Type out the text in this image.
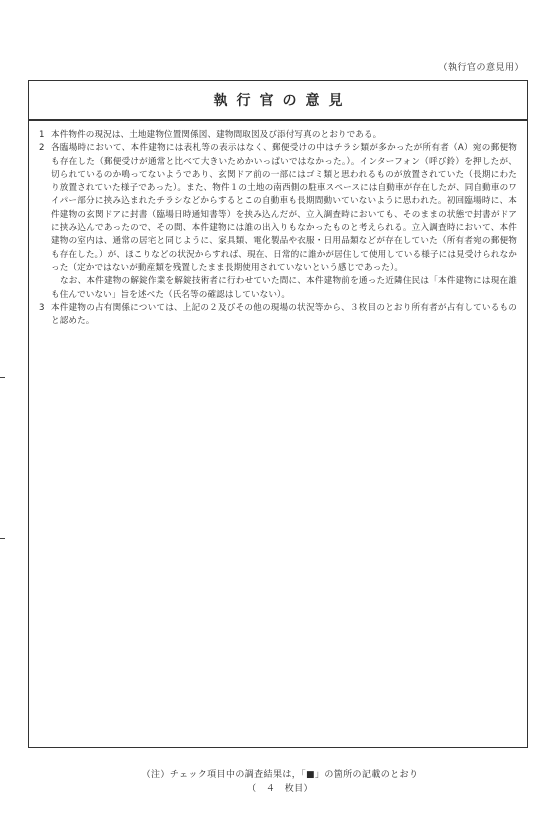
（執行官の意見用）
執行官の意見
1 本件物件の現況は、土地建物位置関係図、建物間取図及び添付写真のとおりである。
2 各臨場時において、本件建物には表札等の表示はなく、郵便受けの中はチラシ類が多かったが所有者（A）宛の郵便物も存在した（郵便受けが通常と比べて大きいためかいっぱいではなかった。）。インターフォン（呼び鈴）を押したが、切られているのか鳴ってないようであり、玄関ドア前の一部にはゴミ類と思われるものが放置されていた（長期にわたり放置されていた様子であった）。また、物件１の土地の南西側の駐車スペースには自動車が存在したが、同自動車のワイパー部分に挟み込まれたチラシなどからするとこの自動車も長期間動いていないように思われた。初回臨場時に、本件建物の玄関ドアに封書（臨場日時通知書等）を挟み込んだが、立入調査時においても、そのままの状態で封書がドアに挟み込んであったので、その間、本件建物には誰の出入りもなかったものと考えられる。立入調査時において、本件建物の室内は、通常の居宅と同じように、家具類、電化製品や衣服・日用品類などが存在していた（所有者宛の郵便物も存在した。）が、ほこりなどの状況からすれば、現在、日常的に誰かが居住して使用している様子には見受けられなかった（定かではないが動産類を残置したまま長期使用されていないという感じであった）。

なお、本件建物の解錠作業を解錠技術者に行わせていた間に、本件建物前を通った近隣住民は「本件建物には現在誰も住んでいない」旨を述べた（氏名等の確認はしていない）。

3 本件建物の占有関係については、上記の２及びその他の現場の状況等から、３枚目のとおり所有者が占有しているものと認めた。
（注）チェック項目中の調査結果は，「■」の箇所の記載のとおり
（　４　枚目）
